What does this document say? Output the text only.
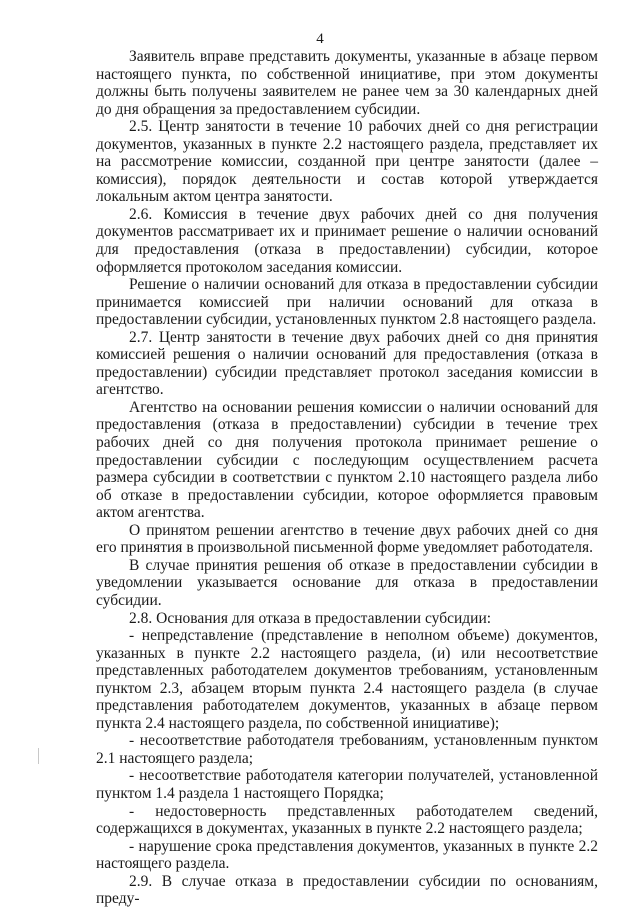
4

Заявитель вправе представить документы, указанные в абзаце первом настоящего пункта, по собственной инициативе, при этом документы должны быть получены заявителем не ранее чем за 30 календарных дней до дня обращения за предоставлением субсидии.

2.5. Центр занятости в течение 10 рабочих дней со дня регистрации документов, указанных в пункте 2.2 настоящего раздела, представляет их на рассмотрение комиссии, созданной при центре занятости (далее – комиссия), порядок деятельности и состав которой утверждается локальным актом центра занятости.

2.6. Комиссия в течение двух рабочих дней со дня получения документов рассматривает их и принимает решение о наличии оснований для предоставления (отказа в предоставлении) субсидии, которое оформляется протоколом заседания комиссии.

Решение о наличии оснований для отказа в предоставлении субсидии принимается комиссией при наличии оснований для отказа в предоставлении субсидии, установленных пунктом 2.8 настоящего раздела.

2.7. Центр занятости в течение двух рабочих дней со дня принятия комиссией решения о наличии оснований для предоставления (отказа в предоставлении) субсидии представляет протокол заседания комиссии в агентство.

Агентство на основании решения комиссии о наличии оснований для предоставления (отказа в предоставлении) субсидии в течение трех рабочих дней со дня получения протокола принимает решение о предоставлении субсидии с последующим осуществлением расчета размера субсидии в соответствии с пунктом 2.10 настоящего раздела либо об отказе в предоставлении субсидии, которое оформляется правовым актом агентства.

О принятом решении агентство в течение двух рабочих дней со дня его принятия в произвольной письменной форме уведомляет работодателя.

В случае принятия решения об отказе в предоставлении субсидии в уведомлении указывается основание для отказа в предоставлении субсидии.

2.8. Основания для отказа в предоставлении субсидии:

- непредставление (представление в неполном объеме) документов, указанных в пункте 2.2 настоящего раздела, (и) или несоответствие представленных работодателем документов требованиям, установленным пунктом 2.3, абзацем вторым пункта 2.4 настоящего раздела (в случае представления работодателем документов, указанных в абзаце первом пункта 2.4 настоящего раздела, по собственной инициативе);

- несоответствие работодателя требованиям, установленным пунктом 2.1 настоящего раздела;

- несоответствие работодателя категории получателей, установленной пунктом 1.4 раздела 1 настоящего Порядка;

- недостоверность представленных работодателем сведений, содержащихся в документах, указанных в пункте 2.2 настоящего раздела;

- нарушение срока представления документов, указанных в пункте 2.2 настоящего раздела.

2.9. В случае отказа в предоставлении субсидии по основаниям, преду-
